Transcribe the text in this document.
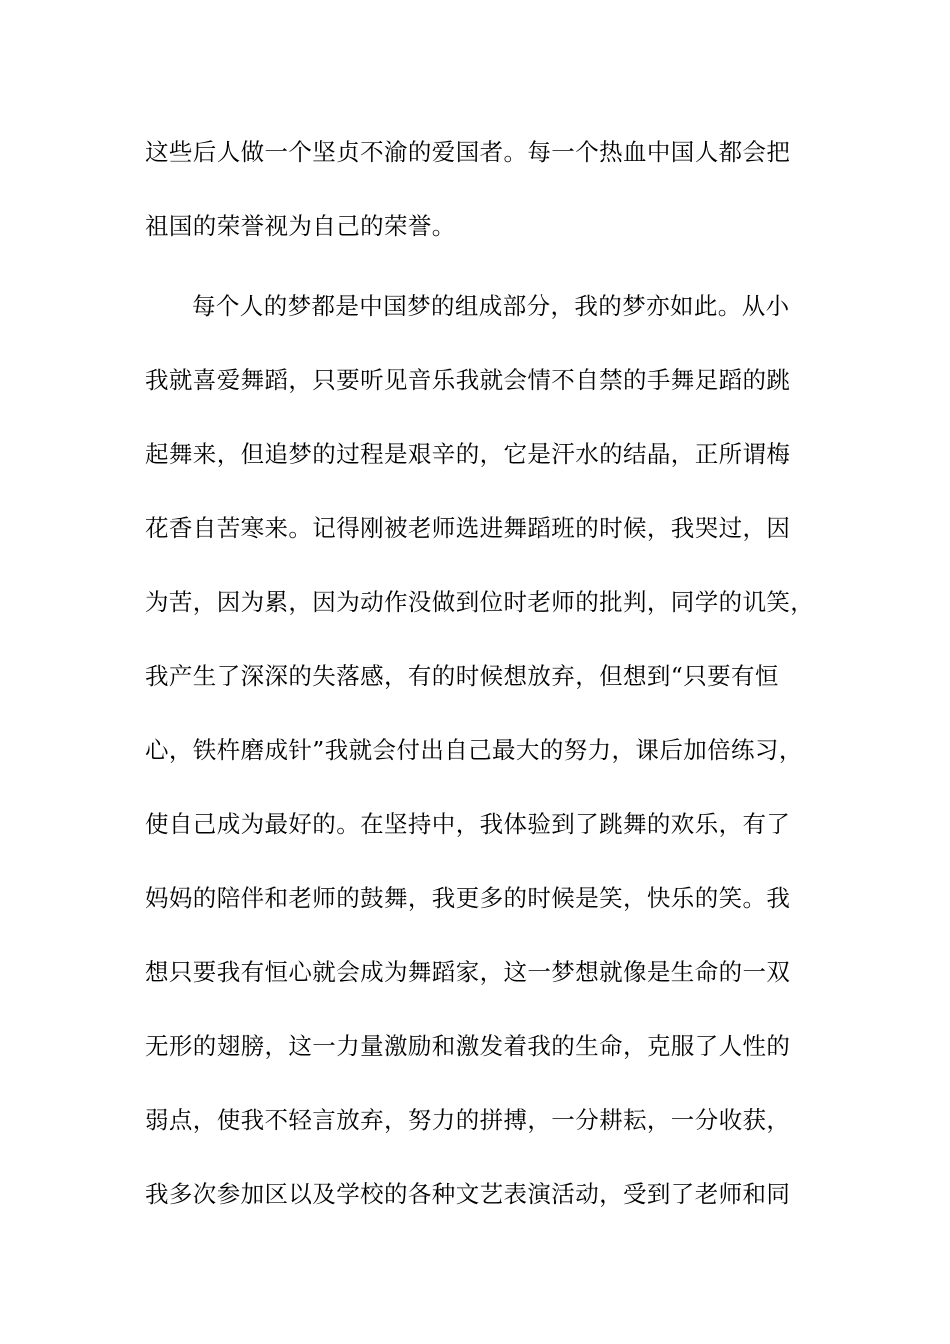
这些后人做一个坚贞不渝的爱国者。每一个热血中国人都会把
祖国的荣誉视为自己的荣誉。
每个人的梦都是中国梦的组成部分，我的梦亦如此。从小
我就喜爱舞蹈，只要听见音乐我就会情不自禁的手舞足蹈的跳
起舞来，但追梦的过程是艰辛的，它是汗水的结晶，正所谓梅
花香自苦寒来。记得刚被老师选进舞蹈班的时候，我哭过，因
为苦，因为累，因为动作没做到位时老师的批判，同学的讥笑，
我产生了深深的失落感，有的时候想放弃，但想到“只要有恒
心，铁杵磨成针”我就会付出自己最大的努力，课后加倍练习，
使自己成为最好的。在坚持中，我体验到了跳舞的欢乐，有了
妈妈的陪伴和老师的鼓舞，我更多的时候是笑，快乐的笑。我
想只要我有恒心就会成为舞蹈家，这一梦想就像是生命的一双
无形的翅膀，这一力量激励和激发着我的生命，克服了人性的
弱点，使我不轻言放弃，努力的拼搏，一分耕耘，一分收获，
我多次参加区以及学校的各种文艺表演活动，受到了老师和同
